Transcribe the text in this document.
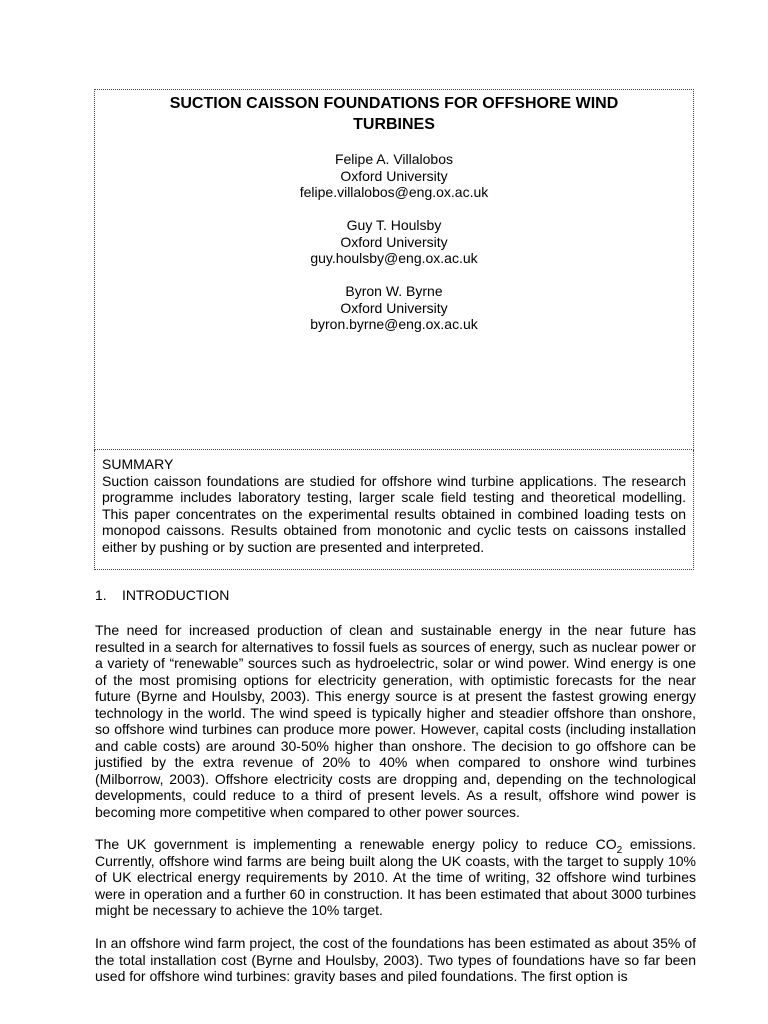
SUCTION CAISSON FOUNDATIONS FOR OFFSHORE WIND TURBINES
Felipe A. Villalobos
Oxford University
felipe.villalobos@eng.ox.ac.uk
Guy T. Houlsby
Oxford University
guy.houlsby@eng.ox.ac.uk
Byron W. Byrne
Oxford University
byron.byrne@eng.ox.ac.uk
SUMMARY
Suction caisson foundations are studied for offshore wind turbine applications. The research programme includes laboratory testing, larger scale field testing and theoretical modelling. This paper concentrates on the experimental results obtained in combined loading tests on monopod caissons. Results obtained from monotonic and cyclic tests on caissons installed either by pushing or by suction are presented and interpreted.
1. INTRODUCTION

The need for increased production of clean and sustainable energy in the near future has resulted in a search for alternatives to fossil fuels as sources of energy, such as nuclear power or a variety of “renewable” sources such as hydroelectric, solar or wind power. Wind energy is one of the most promising options for electricity generation, with optimistic forecasts for the near future (Byrne and Houlsby, 2003). This energy source is at present the fastest growing energy technology in the world. The wind speed is typically higher and steadier offshore than onshore, so offshore wind turbines can produce more power. However, capital costs (including installation and cable costs) are around 30-50% higher than onshore. The decision to go offshore can be justified by the extra revenue of 20% to 40% when compared to onshore wind turbines (Milborrow, 2003). Offshore electricity costs are dropping and, depending on the technological developments, could reduce to a third of present levels. As a result, offshore wind power is becoming more competitive when compared to other power sources.

The UK government is implementing a renewable energy policy to reduce $CO_2$ emissions. Currently, offshore wind farms are being built along the UK coasts, with the target to supply 10% of UK electrical energy requirements by 2010. At the time of writing, 32 offshore wind turbines were in operation and a further 60 in construction. It has been estimated that about 3000 turbines might be necessary to achieve the 10% target.

In an offshore wind farm project, the cost of the foundations has been estimated as about 35% of the total installation cost (Byrne and Houlsby, 2003). Two types of foundations have so far been used for offshore wind turbines: gravity bases and piled foundations. The first option is
